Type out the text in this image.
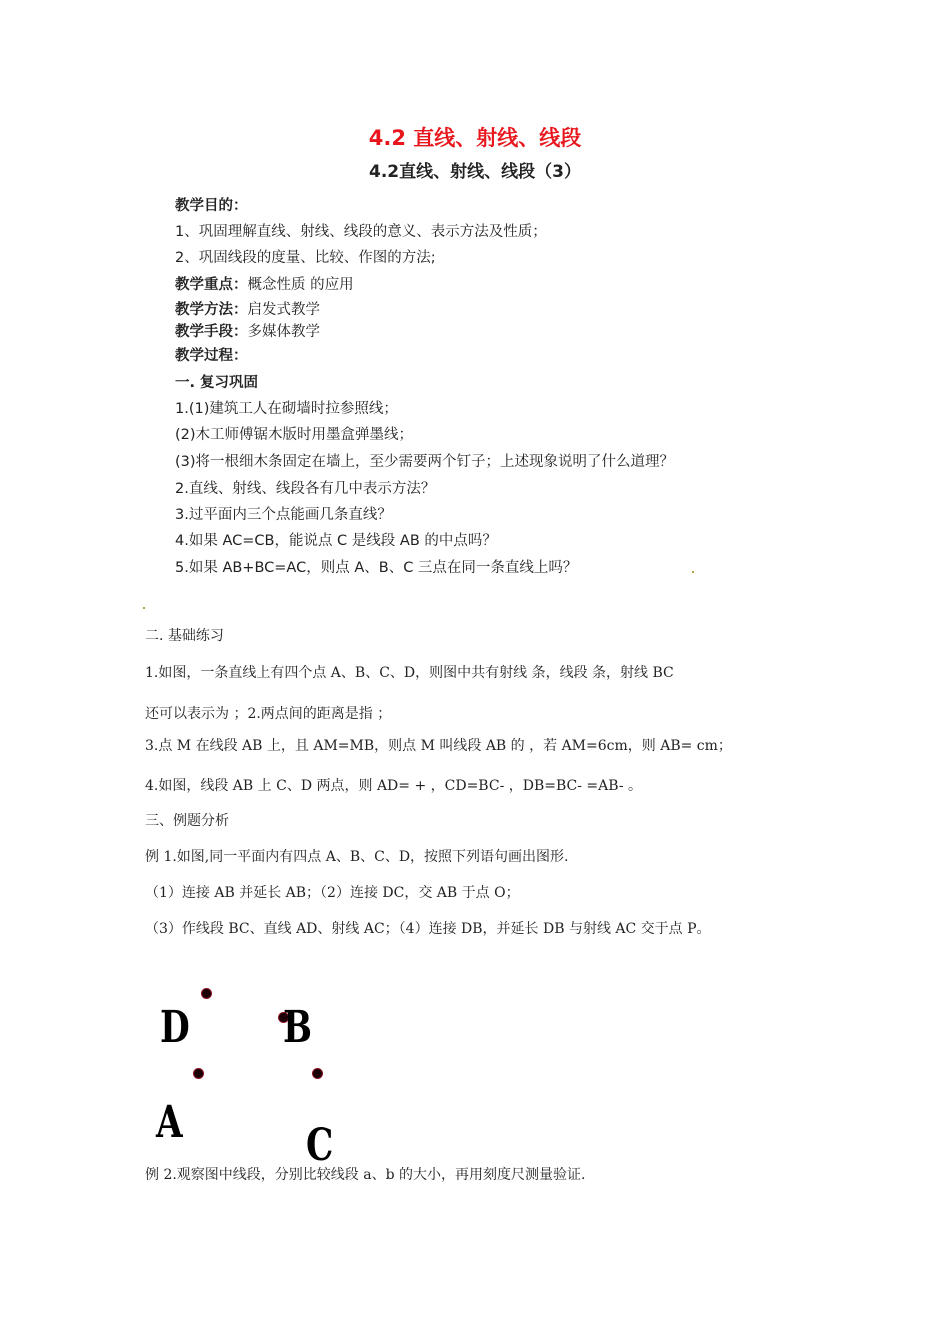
4.2 直线、射线、线段
4.2直线、射线、线段（3）
教学目的：
1、巩固理解直线、射线、线段的意义、表示方法及性质；
2、巩固线段的度量、比较、作图的方法;
教学重点：概念性质 的应用
教学方法：启发式教学
教学手段：多媒体教学
教学过程：
一. 复习巩固
1.(1)建筑工人在砌墙时拉参照线；
(2)木工师傅锯木版时用墨盒弹墨线；
(3)将一根细木条固定在墙上，至少需要两个钉子；上述现象说明了什么道理？
2.直线、射线、线段各有几中表示方法？
3.过平面内三个点能画几条直线？
4.如果 AC=CB，能说点 C 是线段 AB 的中点吗？
5.如果 AB+BC=AC，则点 A、B、C 三点在同一条直线上吗？
二. 基础练习
1.如图，一条直线上有四个点 A、B、C、D，则图中共有射线 条，线段 条，射线 BC
还可以表示为 ；2.两点间的距离是指 ；
3.点 M 在线段 AB 上，且 AM=MB，则点 M 叫线段 AB 的 ，若 AM=6cm，则 AB= cm；
4.如图，线段 AB 上 C、D 两点，则 AD= + ，CD=BC- ，DB=BC- =AB- 。
三、例题分析
例 1.如图,同一平面内有四点 A、B、C、D，按照下列语句画出图形.
（1）连接 AB 并延长 AB；（2）连接 DC，交 AB 于点 O；
（3）作线段 BC、直线 AD、射线 AC；（4）连接 DB，并延长 DB 与射线 AC 交于点 P。
D B
A	C
例 2.观察图中线段，分别比较线段 a、b 的大小，再用刻度尺测量验证.
